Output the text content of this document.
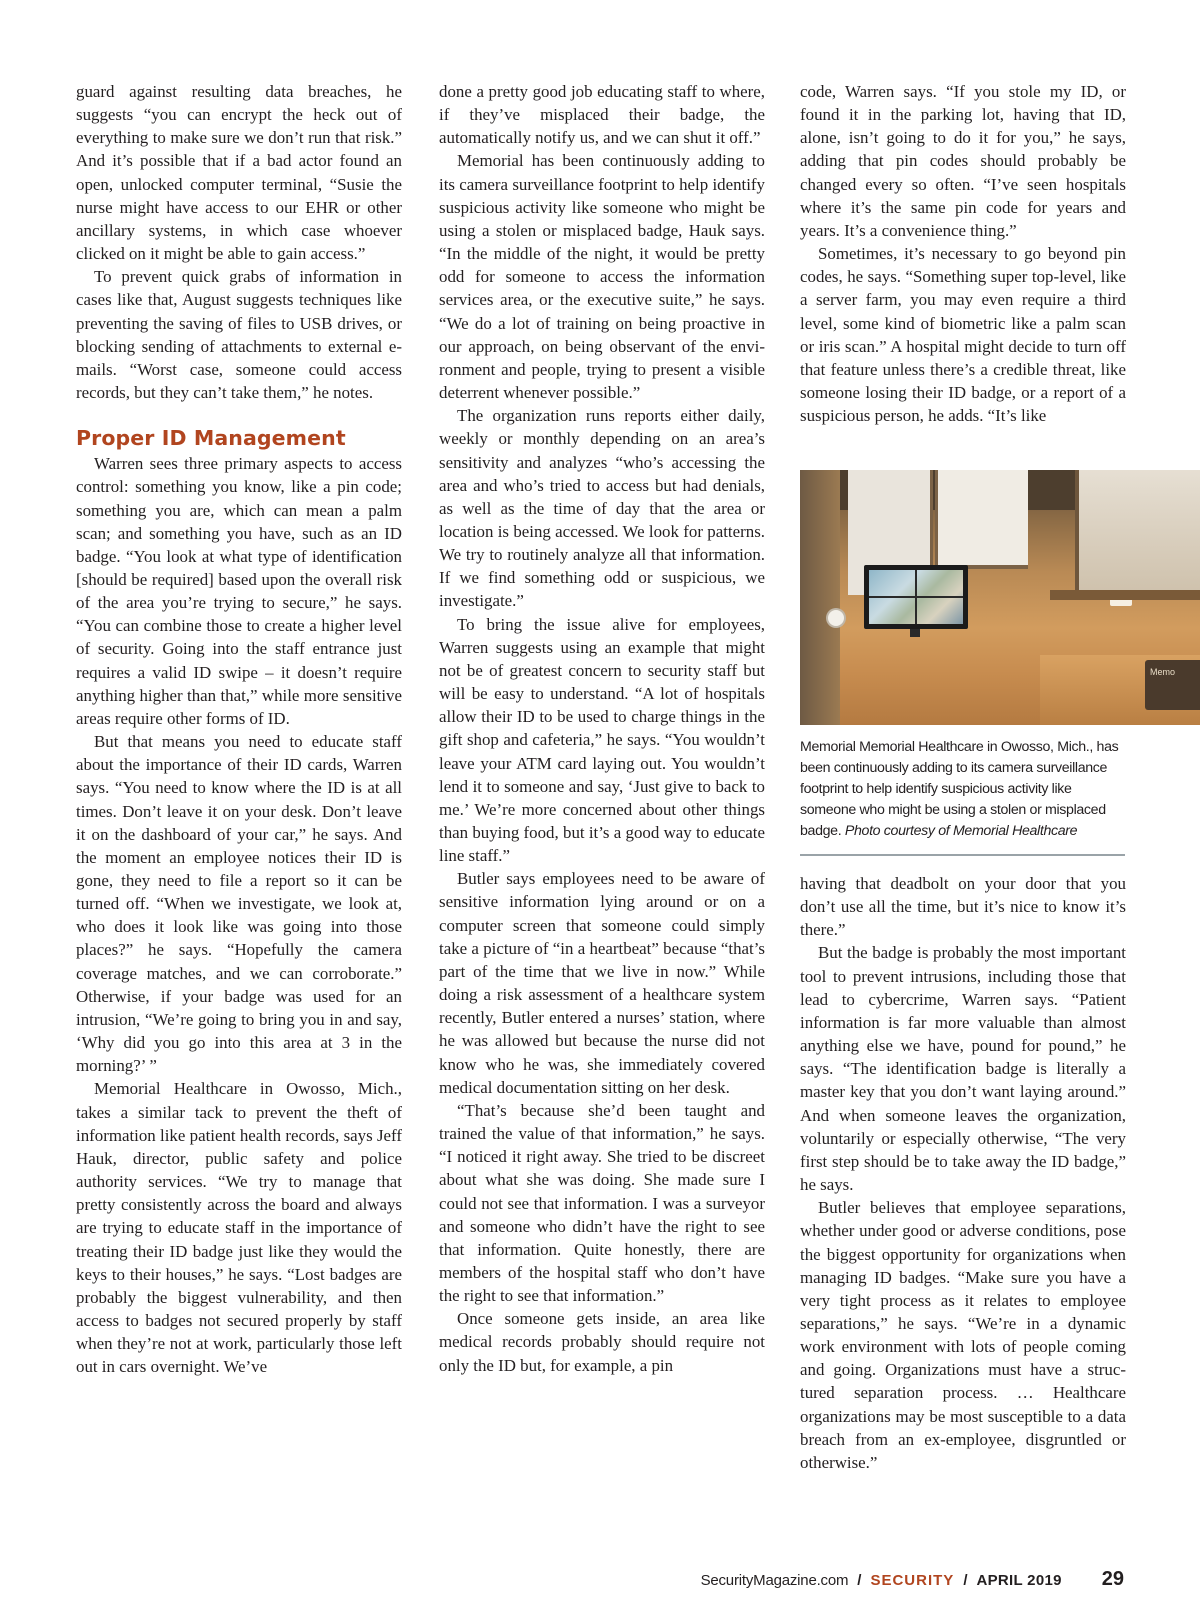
guard against resulting data breaches, he suggests “you can encrypt the heck out of everything to make sure we don’t run that risk.” And it’s possible that if a bad actor found an open, unlocked computer terminal, “Susie the nurse might have access to our EHR or other ancillary systems, in which case whoever clicked on it might be able to gain access.”

To prevent quick grabs of information in cases like that, August suggests techniques like preventing the saving of files to USB drives, or blocking sending of attachments to external e-mails. “Worst case, someone could access records, but they can’t take them,” he notes.

Proper ID Management

Warren sees three primary aspects to access control: something you know, like a pin code; something you are, which can mean a palm scan; and something you have, such as an ID badge. “You look at what type of identification [should be required] based upon the overall risk of the area you’re trying to secure,” he says. “You can combine those to create a higher level of security. Going into the staff entrance just requires a valid ID swipe – it doesn’t require anything higher than that,” while more sensitive areas require other forms of ID.

But that means you need to educate staff about the importance of their ID cards, Warren says. “You need to know where the ID is at all times. Don’t leave it on your desk. Don’t leave it on the dashboard of your car,” he says. And the moment an employee notices their ID is gone, they need to file a report so it can be turned off. “When we investigate, we look at, who does it look like was going into those places?” he says. “Hopefully the camera coverage matches, and we can corroborate.” Otherwise, if your badge was used for an intrusion, “We’re going to bring you in and say, ‘Why did you go into this area at 3 in the morning?’ ”

Memorial Healthcare in Owosso, Mich., takes a similar tack to prevent the theft of information like patient health records, says Jeff Hauk, director, public safety and police authority services. “We try to manage that pretty consistently across the board and always are trying to educate staff in the importance of treating their ID badge just like they would the keys to their houses,” he says. “Lost badges are probably the biggest vulnerability, and then access to badges not secured properly by staff when they’re not at work, particularly those left out in cars overnight. We’ve

done a pretty good job educating staff to where, if they’ve misplaced their badge, the automatically notify us, and we can shut it off.”

Memorial has been continuously adding to its camera surveillance footprint to help identify suspicious activity like someone who might be using a stolen or misplaced badge, Hauk says. “In the middle of the night, it would be pretty odd for someone to access the information services area, or the executive suite,” he says. “We do a lot of training on being proactive in our approach, on being observant of the environment and people, trying to present a visible deterrent whenever possible.”

The organization runs reports either daily, weekly or monthly depending on an area’s sensitivity and analyzes “who’s accessing the area and who’s tried to access but had denials, as well as the time of day that the area or location is being accessed. We look for patterns. We try to routinely analyze all that information. If we find something odd or suspicious, we investigate.”

To bring the issue alive for employees, Warren suggests using an example that might not be of greatest concern to security staff but will be easy to understand. “A lot of hospitals allow their ID to be used to charge things in the gift shop and cafeteria,” he says. “You wouldn’t leave your ATM card laying out. You wouldn’t lend it to someone and say, ‘Just give to back to me.’ We’re more concerned about other things than buying food, but it’s a good way to educate line staff.”

Butler says employees need to be aware of sensitive information lying around or on a computer screen that someone could simply take a picture of “in a heartbeat” because “that’s part of the time that we live in now.” While doing a risk assessment of a healthcare system recently, Butler entered a nurses’ station, where he was allowed but because the nurse did not know who he was, she immediately covered medical documentation sitting on her desk.

“That’s because she’d been taught and trained the value of that information,” he says. “I noticed it right away. She tried to be discreet about what she was doing. She made sure I could not see that information. I was a surveyor and someone who didn’t have the right to see that information. Quite honestly, there are members of the hospital staff who don’t have the right to see that information.”

Once someone gets inside, an area like medical records probably should require not only the ID but, for example, a pin

code, Warren says. “If you stole my ID, or found it in the parking lot, having that ID, alone, isn’t going to do it for you,” he says, adding that pin codes should probably be changed every so often. “I’ve seen hospitals where it’s the same pin code for years and years. It’s a convenience thing.”

Sometimes, it’s necessary to go beyond pin codes, he says. “Something super top-level, like a server farm, you may even require a third level, some kind of biometric like a palm scan or iris scan.” A hospital might decide to turn off that feature unless there’s a credible threat, like someone losing their ID badge, or a report of a suspicious person, he adds. “It’s like

Memo
Memorial Memorial Healthcare in Owosso, Mich., has been continuously adding to its camera surveillance footprint to help identify suspicious activity like someone who might be using a stolen or misplaced badge. Photo courtesy of Memorial Healthcare

having that deadbolt on your door that you don’t use all the time, but it’s nice to know it’s there.”

But the badge is probably the most important tool to prevent intrusions, including those that lead to cybercrime, Warren says. “Patient information is far more valuable than almost anything else we have, pound for pound,” he says. “The identification badge is literally a master key that you don’t want laying around.” And when someone leaves the organization, voluntarily or especially otherwise, “The very first step should be to take away the ID badge,” he says.

Butler believes that employee separations, whether under good or adverse conditions, pose the biggest opportunity for organizations when managing ID badges. “Make sure you have a very tight process as it relates to employee separations,” he says. “We’re in a dynamic work environment with lots of people coming and going. Organizations must have a structured separation process. … Healthcare organizations may be most susceptible to a data breach from an ex-employee, disgruntled or otherwise.”

SecurityMagazine.com / SECURITY / APRIL 2019 29
